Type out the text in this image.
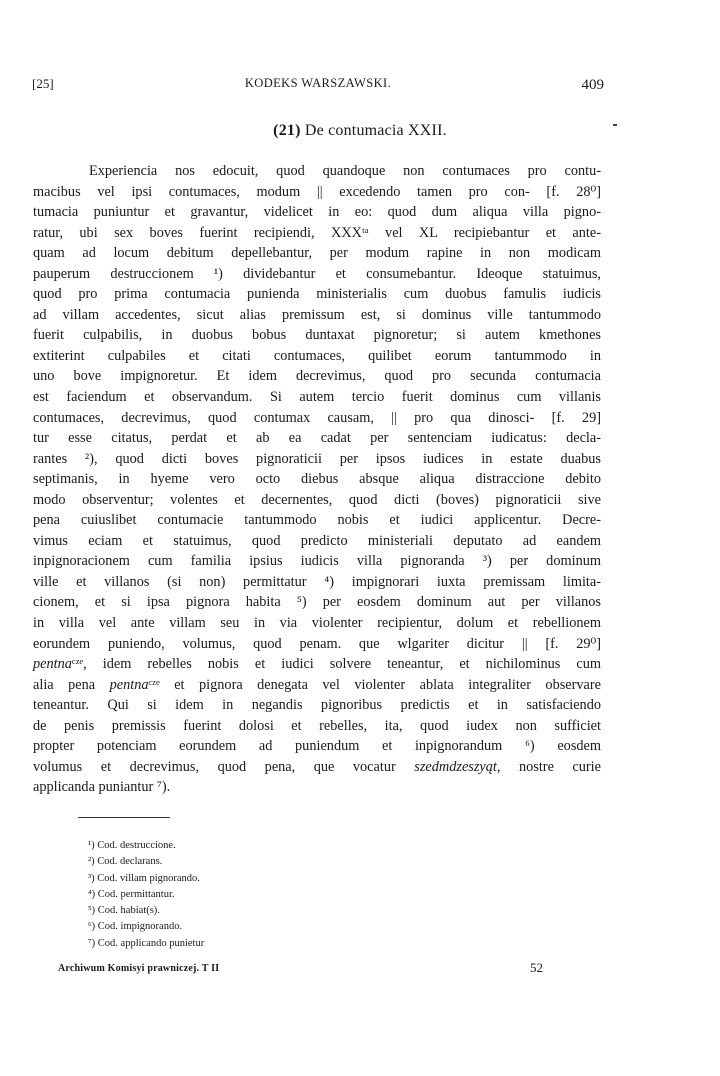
[25]	KODEKS WARSZAWSKI.	409
(21) De contumacia XXII.
Experiencia nos edocuit, quod quandoque non contumaces pro contu-
macibus vel ipsi contumaces, modum || excedendo tamen pro con- [f. 28⁰]
tumacia puniuntur et gravantur, videlicet in eo: quod dum aliqua villa pigno-
ratur, ubi sex boves fuerint recipiendi, XXXᵗᵃ vel XL recipiebantur et ante-
quam ad locum debitum depellebantur, per modum rapine in non modicam
pauperum destruccionem ¹) dividebantur et consumebantur. Ideoque statuimus,
quod pro prima contumacia punienda ministerialis cum duobus famulis iudicis
ad villam accedentes, sicut alias premissum est, si dominus ville tantummodo
fuerit culpabilis, in duobus bobus duntaxat pignoretur; si autem kmethones
extiterint culpabiles et citati contumaces, quilibet eorum tantummodo in
uno bove impignoretur. Et idem decrevimus, quod pro secunda contumacia
est faciendum et observandum. Si autem tercio fuerit dominus cum villanis
contumaces, decrevimus, quod contumax causam, || pro qua dinosci- [f. 29]
tur esse citatus, perdat et ab ea cadat per sentenciam iudicatus: decla-
rantes ²), quod dicti boves pignoraticii per ipsos iudices in estate duabus
septimanis, in hyeme vero octo diebus absque aliqua distraccione debito
modo observentur; volentes et decernentes, quod dicti (boves) pignoraticii sive
pena cuiuslibet contumacie tantummodo nobis et iudici applicentur. Decre-
vimus eciam et statuimus, quod predicto ministeriali deputato ad eandem
inpignoracionem cum familia ipsius iudicis villa pignoranda ³) per dominum
ville et villanos (si non) permittatur ⁴) impignorari iuxta premissam limita-
cionem, et si ipsa pignora habita ⁵) per eosdem dominum aut per villanos
in villa vel ante villam seu in via violenter recipientur, dolum et rebellionem
eorundem puniendo, volumus, quod penam. que wlgariter dicitur || [f. 29⁰]
pentnaᶜᶻᵉ, idem rebelles nobis et iudici solvere teneantur, et nichilominus cum
alia pena pentnaᶜᶻᵉ et pignora denegata vel violenter ablata integraliter observare
teneantur. Qui si idem in negandis pignoribus predictis et in satisfaciendo
de penis premissis fuerint dolosi et rebelles, ita, quod iudex non sufficiet
propter potenciam eorundem ad puniendum et inpignorandum ⁶) eosdem
volumus et decrevimus, quod pena, que vocatur szedmdzeszyąt, nostre curie
applicanda puniantur ⁷).
¹) Cod. destruccione.
²) Cod. declarans.
³) Cod. villam pignorando.
⁴) Cod. permittantur.
⁵) Cod. habiat(s).
⁶) Cod. impignorando.
⁷) Cod. applicando punietur
Archiwum Komisyi prawniczej. T II	52
